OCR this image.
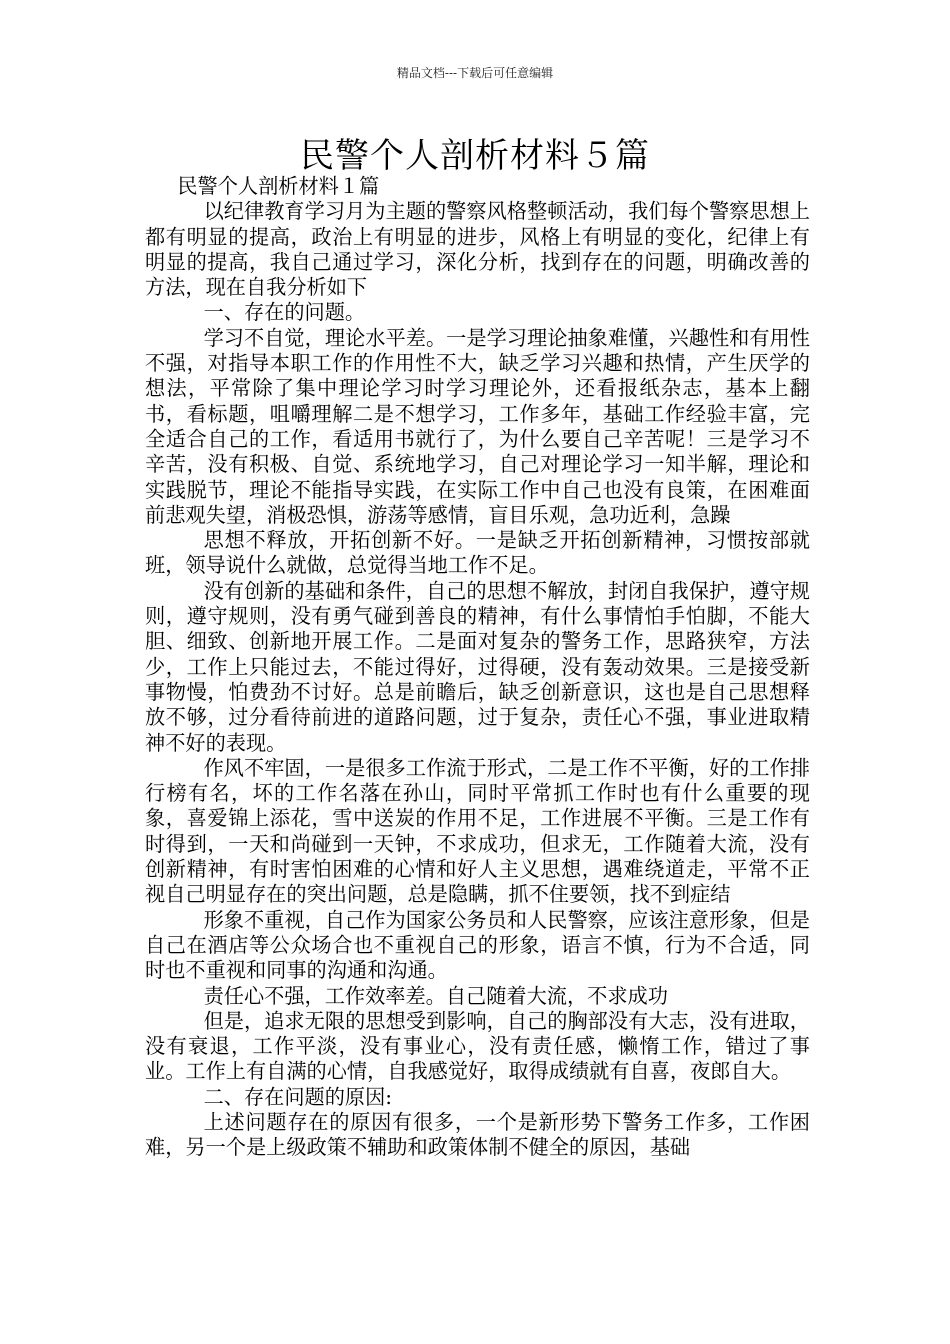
精品文档---下载后可任意编辑
民警个人剖析材料５篇

民警个人剖析材料１篇

以纪律教育学习月为主题的警察风格整顿活动，我们每个警察思想上都有明显的提高，政治上有明显的进步，风格上有明显的变化，纪律上有明显的提高，我自己通过学习，深化分析，找到存在的问题，明确改善的方法，现在自我分析如下

一、存在的问题。

学习不自觉，理论水平差。一是学习理论抽象难懂，兴趣性和有用性不强，对指导本职工作的作用性不大，缺乏学习兴趣和热情，产生厌学的想法，平常除了集中理论学习时学习理论外，还看报纸杂志，基本上翻书，看标题，咀嚼理解二是不想学习，工作多年，基础工作经验丰富，完全适合自己的工作，看适用书就行了，为什么要自己辛苦呢！三是学习不辛苦，没有积极、自觉、系统地学习，自己对理论学习一知半解，理论和实践脱节，理论不能指导实践，在实际工作中自己也没有良策，在困难面前悲观失望，消极恐惧，游荡等感情，盲目乐观，急功近利，急躁

思想不释放，开拓创新不好。一是缺乏开拓创新精神，习惯按部就班，领导说什么就做，总觉得当地工作不足。

没有创新的基础和条件，自己的思想不解放，封闭自我保护，遵守规则，遵守规则，没有勇气碰到善良的精神，有什么事情怕手怕脚，不能大胆、细致、创新地开展工作。二是面对复杂的警务工作，思路狭窄，方法少，工作上只能过去，不能过得好，过得硬，没有轰动效果。三是接受新事物慢，怕费劲不讨好。总是前瞻后，缺乏创新意识，这也是自己思想释放不够，过分看待前进的道路问题，过于复杂，责任心不强，事业进取精神不好的表现。

作风不牢固，一是很多工作流于形式，二是工作不平衡，好的工作排行榜有名，坏的工作名落在孙山，同时平常抓工作时也有什么重要的现象，喜爱锦上添花，雪中送炭的作用不足，工作进展不平衡。三是工作有时得到，一天和尚碰到一天钟，不求成功，但求无，工作随着大流，没有创新精神，有时害怕困难的心情和好人主义思想，遇难绕道走，平常不正视自己明显存在的突出问题，总是隐瞒，抓不住要领，找不到症结

形象不重视，自己作为国家公务员和人民警察，应该注意形象，但是自己在酒店等公众场合也不重视自己的形象，语言不慎，行为不合适，同时也不重视和同事的沟通和沟通。

责任心不强，工作效率差。自己随着大流，不求成功

但是，追求无限的思想受到影响，自己的胸部没有大志，没有进取，没有衰退，工作平淡，没有事业心，没有责任感，懒惰工作，错过了事业。工作上有自满的心情，自我感觉好，取得成绩就有自喜，夜郎自大。

二、存在问题的原因:

上述问题存在的原因有很多，一个是新形势下警务工作多，工作困难，另一个是上级政策不辅助和政策体制不健全的原因，基础
